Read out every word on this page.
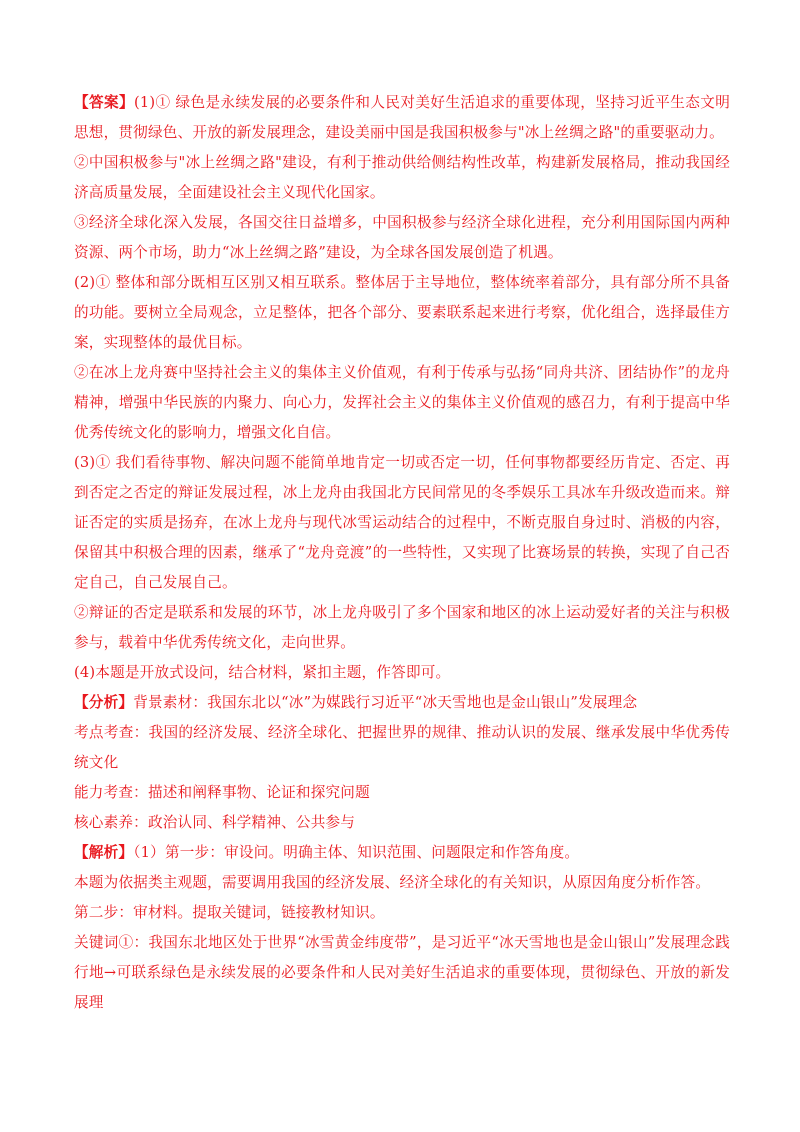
【答案】(1)① 绿色是永续发展的必要条件和人民对美好生活追求的重要体现，坚持习近平生态文明思想，贯彻绿色、开放的新发展理念，建设美丽中国是我国积极参与"冰上丝绸之路"的重要驱动力。

②中国积极参与"冰上丝绸之路"建设，有利于推动供给侧结构性改革，构建新发展格局，推动我国经济高质量发展，全面建设社会主义现代化国家。

③经济全球化深入发展，各国交往日益增多，中国积极参与经济全球化进程，充分利用国际国内两种资源、两个市场，助力“冰上丝绸之路”建设，为全球各国发展创造了机遇。

(2)① 整体和部分既相互区别又相互联系。整体居于主导地位，整体统率着部分，具有部分所不具备的功能。要树立全局观念，立足整体，把各个部分、要素联系起来进行考察，优化组合，选择最佳方案，实现整体的最优目标。

②在冰上龙舟赛中坚持社会主义的集体主义价值观，有利于传承与弘扬“同舟共济、团结协作”的龙舟精神，增强中华民族的内聚力、向心力，发挥社会主义的集体主义价值观的感召力，有利于提高中华优秀传统文化的影响力，增强文化自信。

(3)① 我们看待事物、解决问题不能简单地肯定一切或否定一切，任何事物都要经历肯定、否定、再到否定之否定的辩证发展过程，冰上龙舟由我国北方民间常见的冬季娱乐工具冰车升级改造而来。辩证否定的实质是扬弃，在冰上龙舟与现代冰雪运动结合的过程中，不断克服自身过时、消极的内容，保留其中积极合理的因素，继承了“龙舟竞渡”的一些特性，又实现了比赛场景的转换，实现了自己否定自己，自己发展自己。

②辩证的否定是联系和发展的环节，冰上龙舟吸引了多个国家和地区的冰上运动爱好者的关注与积极参与，载着中华优秀传统文化，走向世界。

(4)本题是开放式设问，结合材料，紧扣主题，作答即可。

【分析】背景素材：我国东北以“冰”为媒践行习近平“冰天雪地也是金山银山”发展理念

考点考查：我国的经济发展、经济全球化、把握世界的规律、推动认识的发展、继承发展中华优秀传统文化

能力考查：描述和阐释事物、论证和探究问题

核心素养：政治认同、科学精神、公共参与

【解析】（1）第一步：审设问。明确主体、知识范围、问题限定和作答角度。

本题为依据类主观题，需要调用我国的经济发展、经济全球化的有关知识，从原因角度分析作答。

第二步：审材料。提取关键词，链接教材知识。

关键词①：我国东北地区处于世界“冰雪黄金纬度带”，是习近平“冰天雪地也是金山银山”发展理念践行地→可联系绿色是永续发展的必要条件和人民对美好生活追求的重要体现，贯彻绿色、开放的新发展理
